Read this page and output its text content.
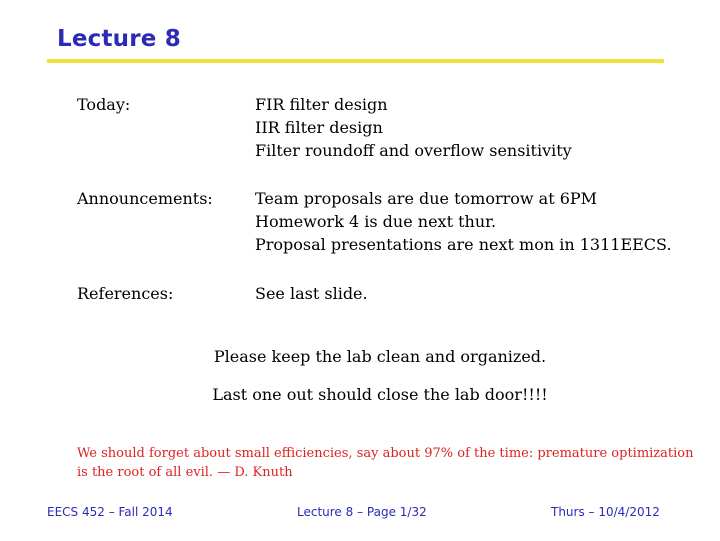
Lecture 8
Today:	FIR filter design
IIR filter design
Filter roundoff and overflow sensitivity
Announcements:	Team proposals are due tomorrow at 6PM
Homework 4 is due next thur.
Proposal presentations are next mon in 1311EECS.
References:	See last slide.
Please keep the lab clean and organized.
Last one out should close the lab door!!!!
We should forget about small efficiencies, say about 97% of the time: premature optimization is the root of all evil. — D. Knuth
EECS 452 – Fall 2014	Lecture 8 – Page 1/32	Thurs – 10/4/2012
